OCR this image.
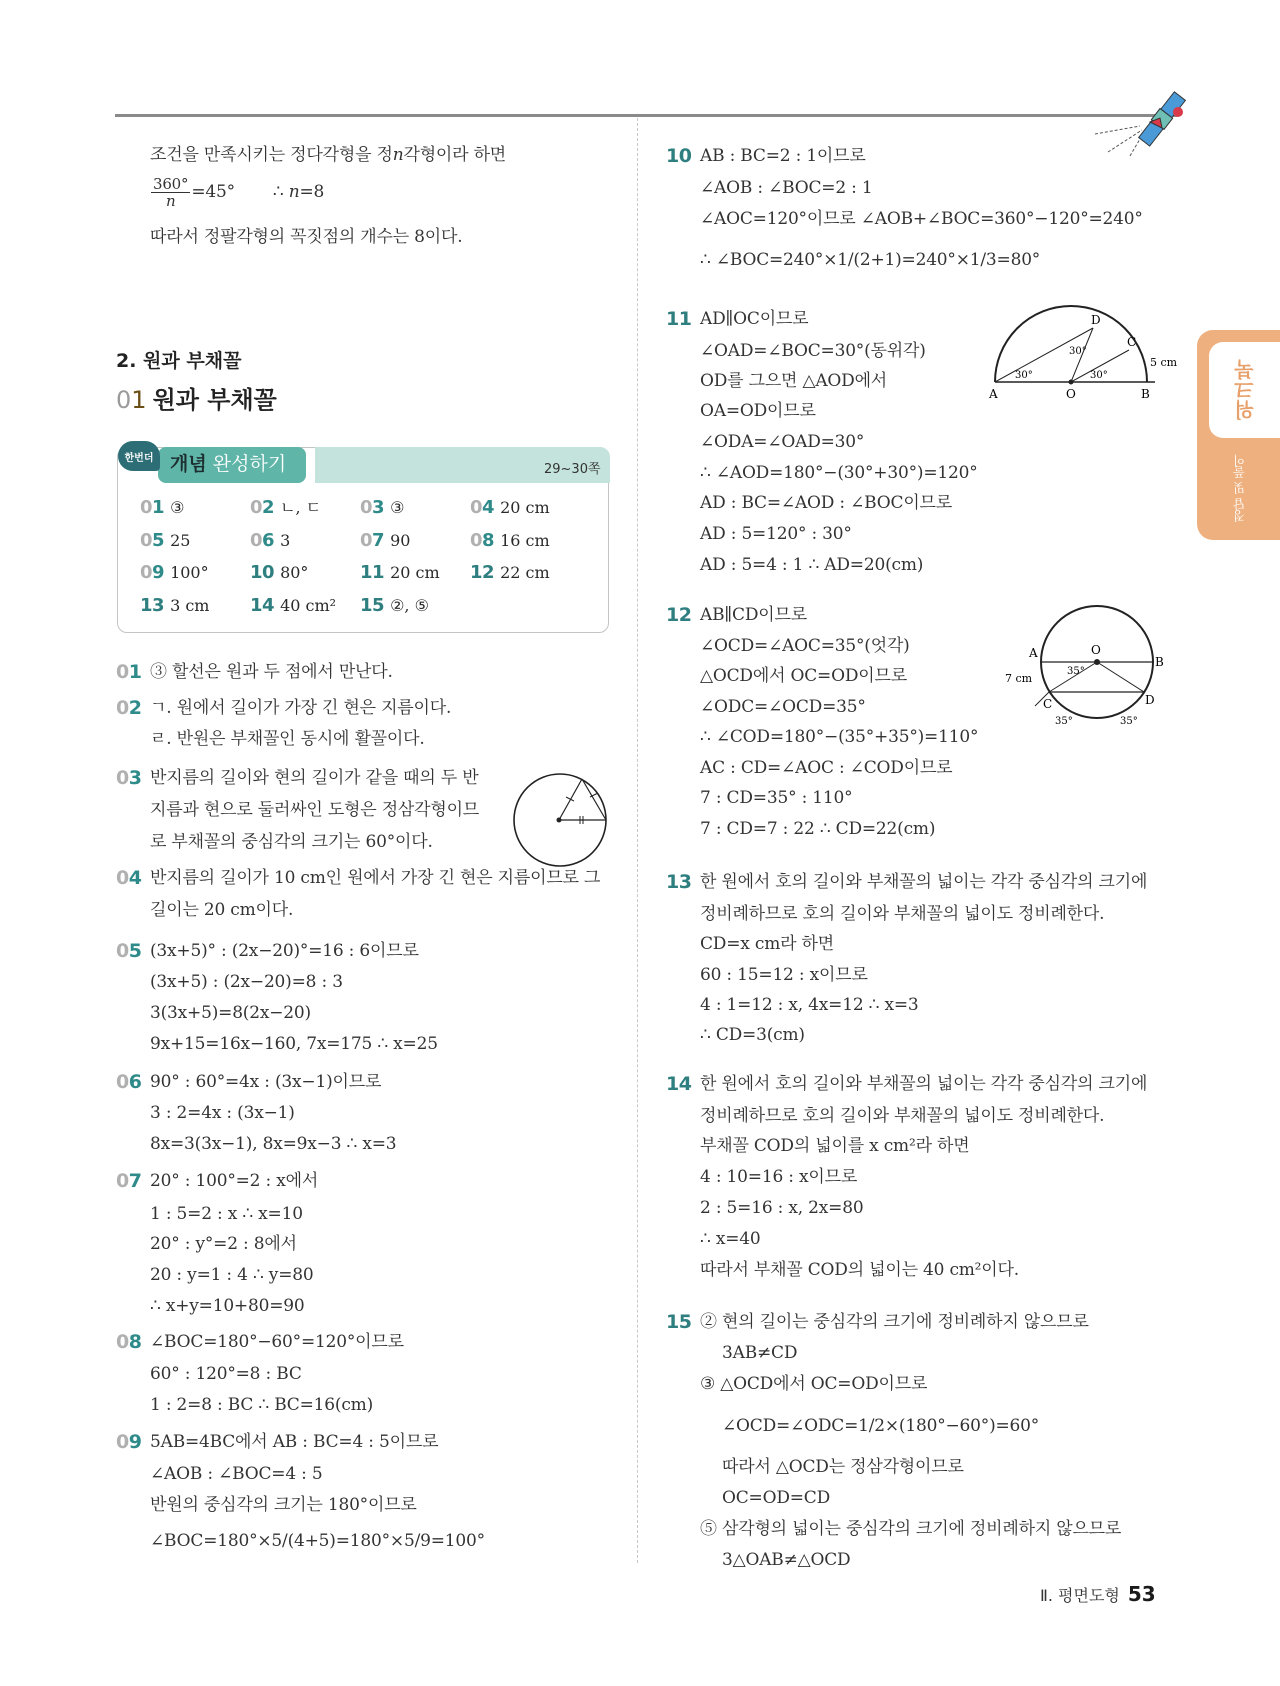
워크북
정답 및 풀이
조건을 만족시키는 정다각형을 정n각형이라 하면
$\frac{360^\circ}{n} =45^\circ$ ∴ n=8
따라서 정팔각형의 꼭짓점의 개수는 8이다.
2. 원과 부채꼴
01 원과 부채꼴
한번더 개념 완성하기	29~30쪽
01 ③	02 ㄴ, ㄷ 03 ③	04 20 cm
05 25	06 3	07 90	08 16 cm
09 100° 10 80°	11 20 cm 12 22 cm
13 3 cm 14 40 cm² 15 ②, ⑤
01 ③ 할선은 원과 두 점에서 만난다.
02 ㄱ. 원에서 길이가 가장 긴 현은 지름이다.
ㄹ. 반원은 부채꼴인 동시에 활꼴이다.
03 반지름의 길이와 현의 길이가 같을 때의 두 반
지름과 현으로 둘러싸인 도형은 정삼각형이므
로 부채꼴의 중심각의 크기는 60°이다.
04 반지름의 길이가 10 cm인 원에서 가장 긴 현은 지름이므로 그
길이는 20 cm이다.
05 (3x+5)° : (2x−20)°=16 : 6이므로
(3x+5) : (2x−20)=8 : 3
3(3x+5)=8(2x−20)
9x+15=16x−160, 7x=175 ∴ x=25
06 90° : 60°=4x : (3x−1)이므로
3 : 2=4x : (3x−1)
8x=3(3x−1), 8x=9x−3 ∴ x=3
07 20° : 100°=2 : x에서
1 : 5=2 : x ∴ x=10
20° : y°=2 : 8에서
20 : y=1 : 4 ∴ y=80
∴ x+y=10+80=90
08 ∠BOC=180°−60°=120°이므로
60° : 120°=8 : BC
1 : 2=8 : BC ∴ BC=16(cm)
09 5AB=4BC에서 AB : BC=4 : 5이므로
∠AOB : ∠BOC=4 : 5
반원의 중심각의 크기는 180°이므로
∠BOC=180°×5/(4+5)=180°×5/9=100°
10 AB : BC=2 : 1이므로
∠AOB : ∠BOC=2 : 1
∠AOC=120°이므로 ∠AOB+∠BOC=360°−120°=240°
∴ ∠BOC=240°×1/(2+1)=240°×1/3=80°
11 AD∥OC이므로
∠OAD=∠BOC=30°(동위각)
OD를 그으면 △AOD에서
OA=OD이므로
∠ODA=∠OAD=30°
∴ ∠AOD=180°−(30°+30°)=120°
AD : BC=∠AOD : ∠BOC이므로
AD : 5=120° : 30°
AD : 5=4 : 1 ∴ AD=20(cm)
A	O	B
D
C
30°	30°
30°
5 cm
12 AB∥CD이므로
∠OCD=∠AOC=35°(엇각)
△OCD에서 OC=OD이므로
∠ODC=∠OCD=35°
∴ ∠COD=180°−(35°+35°)=110°
AC : CD=∠AOC : ∠COD이므로
7 : CD=35° : 110°
7 : CD=7 : 22 ∴ CD=22(cm)
A	O
B
C	D
35°
35°	35°
7 cm
13 한 원에서 호의 길이와 부채꼴의 넓이는 각각 중심각의 크기에
정비례하므로 호의 길이와 부채꼴의 넓이도 정비례한다.
CD=x cm라 하면
60 : 15=12 : x이므로
4 : 1=12 : x, 4x=12 ∴ x=3
∴ CD=3(cm)
14 한 원에서 호의 길이와 부채꼴의 넓이는 각각 중심각의 크기에
정비례하므로 호의 길이와 부채꼴의 넓이도 정비례한다.
부채꼴 COD의 넓이를 x cm²라 하면
4 : 10=16 : x이므로
2 : 5=16 : x, 2x=80
∴ x=40
따라서 부채꼴 COD의 넓이는 40 cm²이다.
15 ② 현의 길이는 중심각의 크기에 정비례하지 않으므로
3AB≠CD
③ △OCD에서 OC=OD이므로
∠OCD=∠ODC=1/2×(180°−60°)=60°
따라서 △OCD는 정삼각형이므로
OC=OD=CD
⑤ 삼각형의 넓이는 중심각의 크기에 정비례하지 않으므로
3△OAB≠△OCD
Ⅱ. 평면도형 53
